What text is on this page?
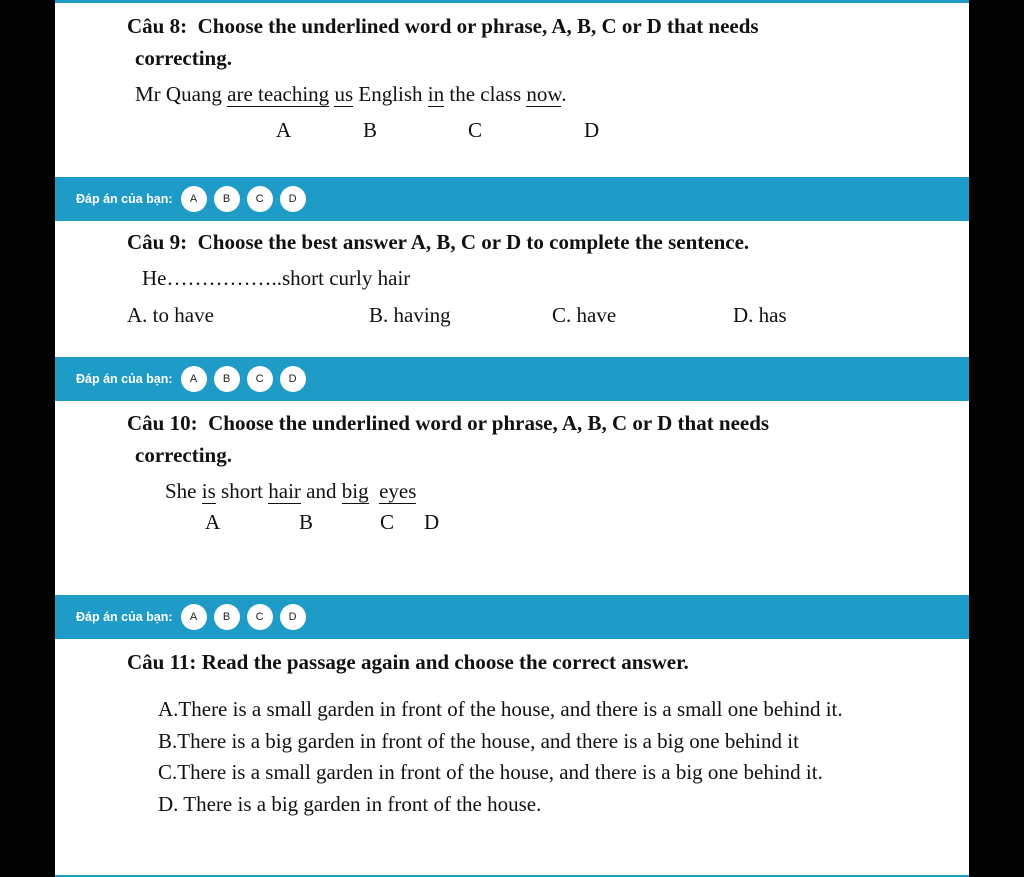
Câu 8: Choose the underlined word or phrase, A, B, C or D that needs
correcting.
Mr Quang are teaching us English in the class now.
A	B	C	D
Đáp án của bạn:	A	B	C	D
Câu 9: Choose the best answer A, B, C or D to complete the sentence.
He……………..short curly hair
A. to have	B. having	C. have	D. has
Đáp án của bạn:	A	B	C	D
Câu 10: Choose the underlined word or phrase, A, B, C or D that needs
correcting.
She is short hair and big eyes
A	B	C D
Đáp án của bạn:	A	B	C	D
Câu 11: Read the passage again and choose the correct answer.
A.There is a small garden in front of the house, and there is a small one behind it.
B.There is a big garden in front of the house, and there is a big one behind it
C.There is a small garden in front of the house, and there is a big one behind it.
D. There is a big garden in front of the house.
